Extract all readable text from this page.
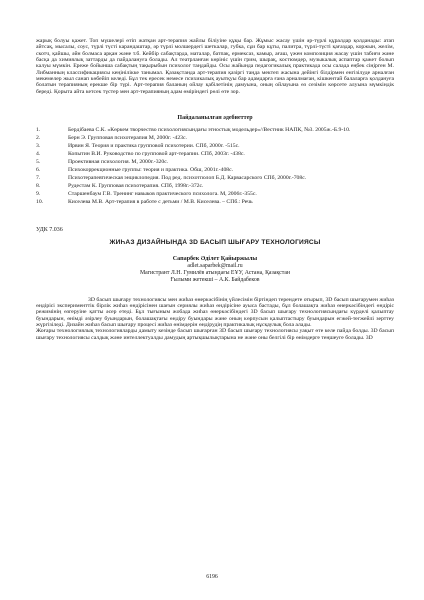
жарық болуы қажет. Топ мүшелері өтіп жатқан арт-терапия жайлы біліуіне құқы бар. Жұмыс жасау үшін әр-түрлі құралдар қолданады: атап айтсақ, мысалы, соус, түрлі түсті карандаштар, әр түрлі молшердегі шеткалар, губка, сұи бар кұты, палитра, түрлі-түсті қағаздар, коржын, желім, скотч, қайшы, әйн болмаса арқан және т.б. Кейбір сабақтарда, маталар, батпақ, ермексаз, камыр, ағаш, үжен композиция жасау үшін табиғи және басқа да химиялық заттарды да пайдалануға болады. Ал театрланған көрініс үшін грим, шырақ, костюмдер, музыкалық аспаптар қажет болып калуы мүмкін. Ереже бойынша сабақтың тақырыбын психолог таңдайды. Осы жайында педагогикалық практикада осы салада еңбек сіңірген М. Либманның классификациясы кеңінілікке танымал. Қазақстанда арт-терапия қазіргі таңда мектеп жасына дейінгі білдірмен енгізілуде арналған мекемелер жыл санап көбейіп келеді. Бұл тек ересек немесе психикалық ауытқуы бар адамдарға ғана арналмаған, кішкентай балаларға қолдануға болатын терапияның ерекше бір түрі. Арт-терапия баланың ойлау қабілетінің дамуына, оның ойлауына өз сезімін көрсете алуына мүмкіндік береді. Қорыта айта кетсек түстер мен арт-терапияның адам өміріндегі рөлі өте зор.

Пайдаланылған әдебиеттер
1.	Бердібаева С.К. «Көркем творчество психологиясындағы этностық модельдер»//Вестник НАПК, №3. 2005ж.-Б.9-10.
2.	Берн Э. Групповая психотерапия М, 2000г. -423с.
3.	Ирвин Я. Теория и практика групповой психотерии. СПб, 2000г. -515с.
4.	Копытин В.И. Руководство по групповой арт-терапии. СПб, 2003г. -438с.
5.	Проективная психология. М, 2000г.-320с.
6.	Психокоррекционные группы: теория и практика. Обш, 2001г.-408с.
7.	Психотерапевтическая энциклопедия. Под ред. психотполоп Б.Д. Карвасарского СПб, 2000г.-708с.
8.	Рудестам К. Групповая психотерапия. СПб, 1998г.-372с.
9.	Старшенбаум Г.В. Тренинг навыков практического психолога. М, 2006г.-355с.
10.	Киселева М.В. Арт-терапия в работе с детьми / М.В. Киселева. – СПб.: Речь
УДК 7.036
ЖИҺАЗ ДИЗАЙНЫНДА 3D БАСЫП ШЫҒАРУ ТЕХНОЛОГИЯСЫ

Сапарбек Әділет Қайыржылы

adlet.saparbek@mail.ru

Магистрант Л.Н. Гумилёв атындағы ЕҰУ, Астана, Қазақстан

Ғылыми жетекші – А.К. Байдабеков

3D басып шығару технологиясы мен жиһаз өнеркәсібінің үйлесімін біртіндеп терендете отырып, 3D басып шығарумен жиһаз өндірісі эксперименттік бірлік жиһаз өндірісінен шағын сериялы жиһаз өндірісіне ауыса бастады, бұл болашақта жиһаз өнеркәсібіндегі өндіріс режимінің өзгеруіне қатты әсер етеді. Бұл тығыным жобада жиһаз өнеркәсібіндегі 3D басып шығару технологиясындағы күрделі қалыптау буындарын, өнімді әзірлеу буындарын, болашақтағы өндіру буындары және оның көрпусын қалыптастыру буындарын егжей-тегжейлі зерттеу жүргізіледі. Дизайн жиһаз басып шығару процесі жиһаз өнімдерін өндірудің практикалық нұсқаулық бола алады.

Жоғары технологиялық технологияларды дамыту кезінде басып шығарған 3D басып шығару технологиясы уақыт өте келе пайда болды. 3D басып шығару технологиясы салдық және интеллектуалды дамудың артықшылықтарына не және оны белгілі бір өнімдерге теңшеуге болады. 3D

6196
